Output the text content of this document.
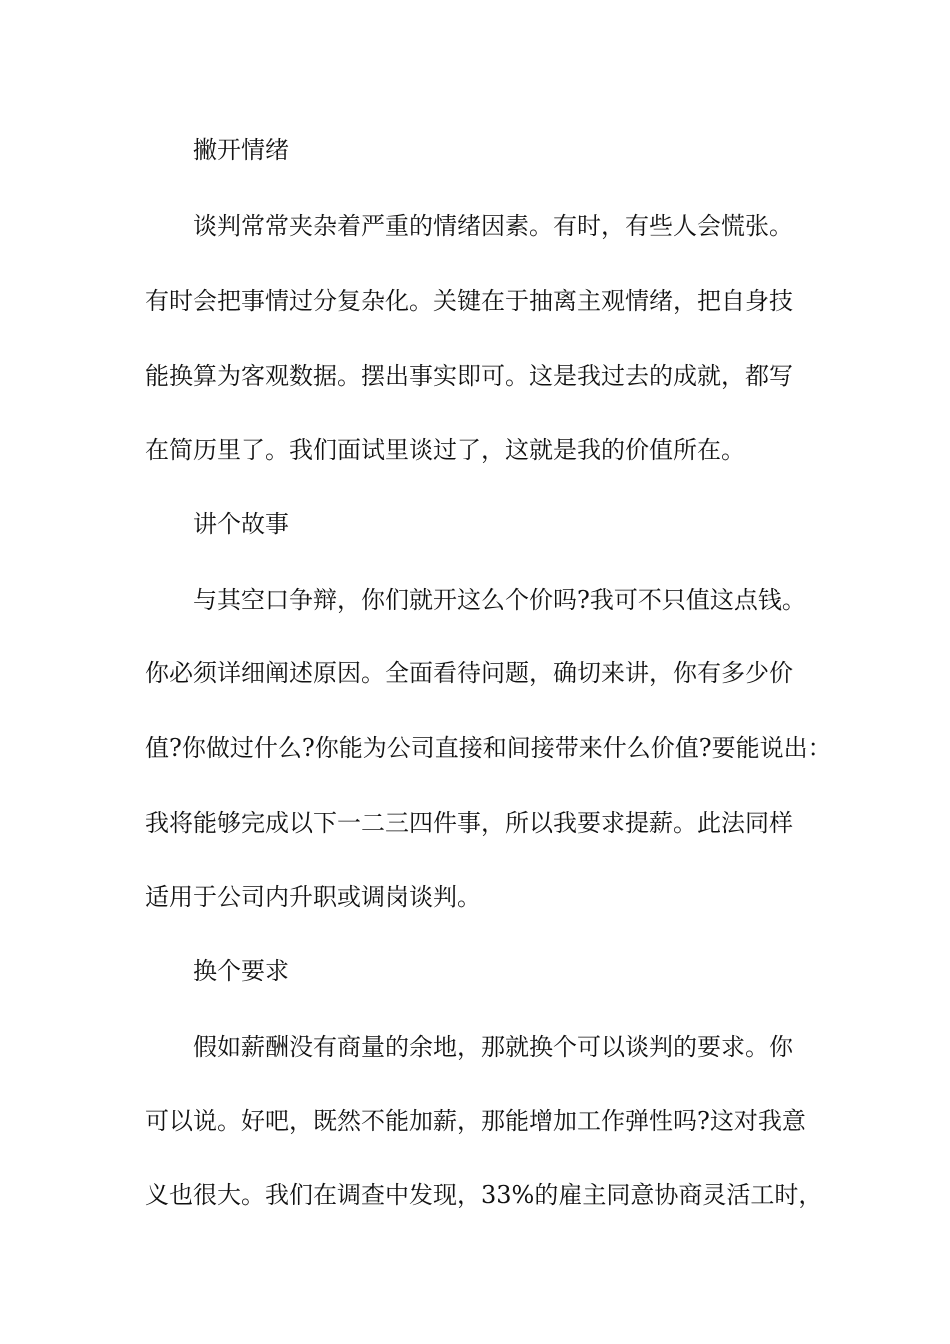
撇开情绪
谈判常常夹杂着严重的情绪因素。有时，有些人会慌张。
有时会把事情过分复杂化。关键在于抽离主观情绪，把自身技
能换算为客观数据。摆出事实即可。这是我过去的成就，都写
在简历里了。我们面试里谈过了，这就是我的价值所在。
讲个故事
与其空口争辩，你们就开这么个价吗?我可不只值这点钱。
你必须详细阐述原因。全面看待问题，确切来讲，你有多少价
值?你做过什么?你能为公司直接和间接带来什么价值?要能说出：
我将能够完成以下一二三四件事，所以我要求提薪。此法同样
适用于公司内升职或调岗谈判。
换个要求
假如薪酬没有商量的余地，那就换个可以谈判的要求。你
可以说。好吧，既然不能加薪，那能增加工作弹性吗?这对我意
义也很大。我们在调查中发现，33%的雇主同意协商灵活工时，
